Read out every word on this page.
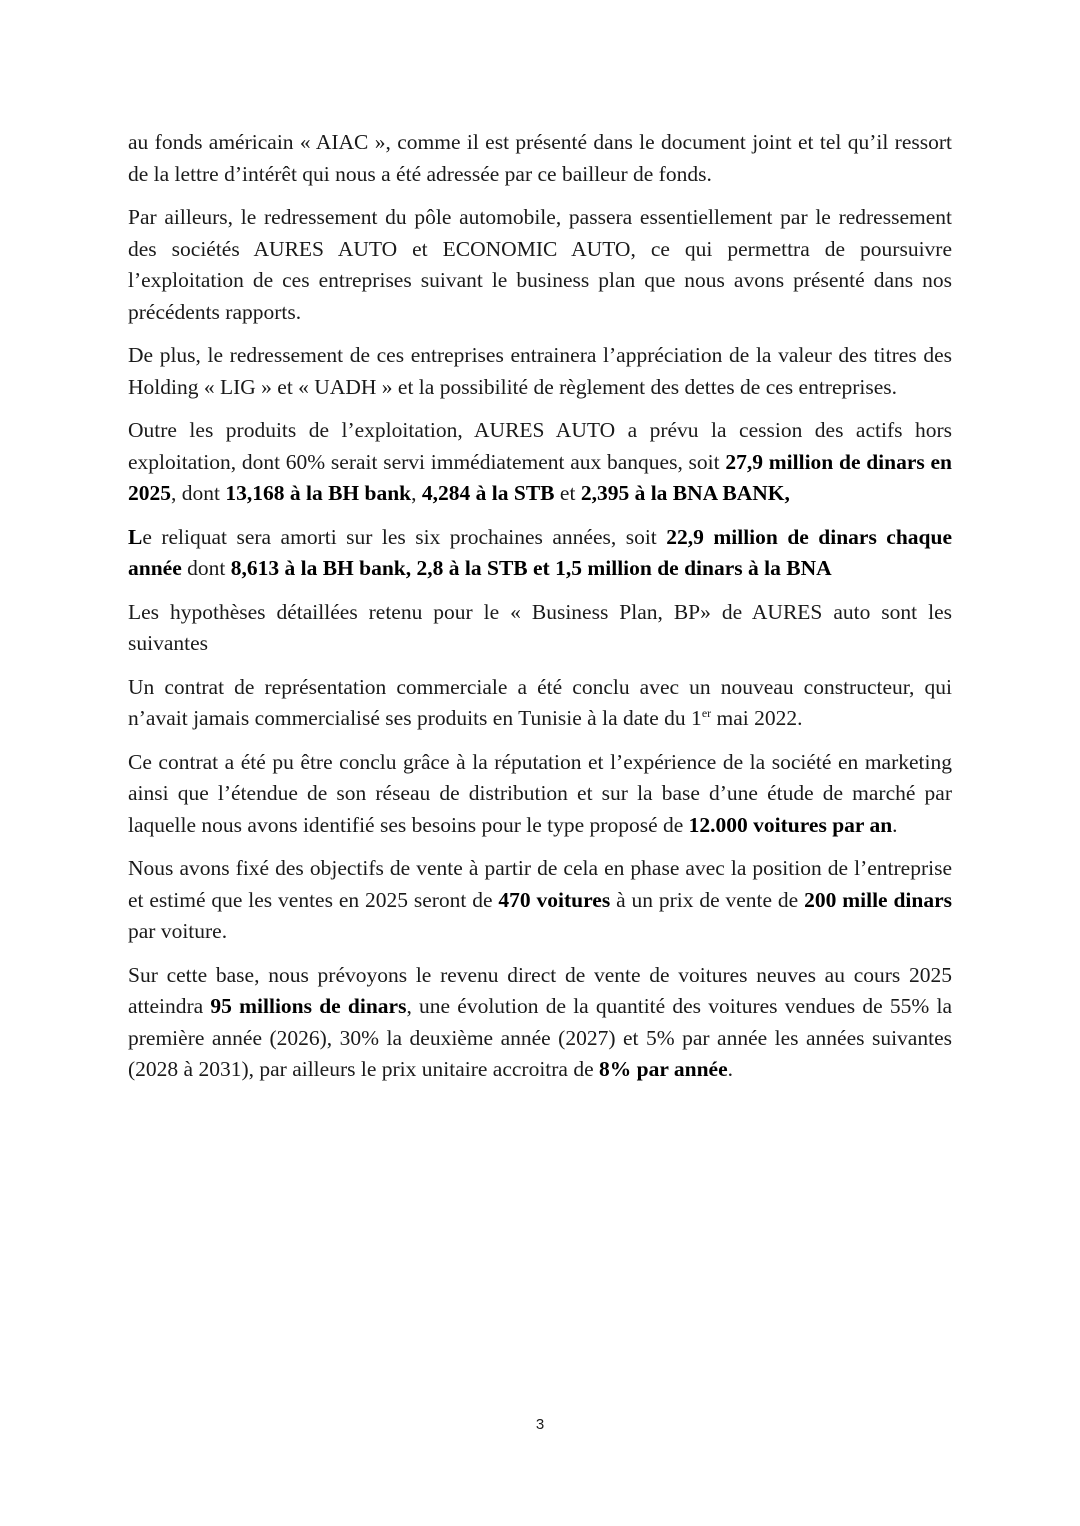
au fonds américain « AIAC », comme il est présenté dans le document joint et tel qu’il ressort de la lettre d’intérêt qui nous a été adressée par ce bailleur de fonds.

Par ailleurs, le redressement du pôle automobile, passera essentiellement par le redressement des sociétés AURES AUTO et ECONOMIC AUTO, ce qui permettra de poursuivre l’exploitation de ces entreprises suivant le business plan que nous avons présenté dans nos précédents rapports.

De plus, le redressement de ces entreprises entrainera l’appréciation de la valeur des titres des Holding « LIG » et « UADH » et la possibilité de règlement des dettes de ces entreprises.

Outre les produits de l’exploitation, AURES AUTO a prévu la cession des actifs hors exploitation, dont 60% serait servi immédiatement aux banques, soit 27,9 million de dinars en 2025, dont 13,168 à la BH bank, 4,284 à la STB et 2,395 à la BNA BANK,

Le reliquat sera amorti sur les six prochaines années, soit 22,9 million de dinars chaque année dont 8,613 à la BH bank, 2,8 à la STB et 1,5 million de dinars à la BNA

Les hypothèses détaillées retenu pour le « Business Plan, BP» de AURES auto sont les suivantes

Un contrat de représentation commerciale a été conclu avec un nouveau constructeur, qui n’avait jamais commercialisé ses produits en Tunisie à la date du 1er mai 2022.

Ce contrat a été pu être conclu grâce à la réputation et l’expérience de la société en marketing ainsi que l’étendue de son réseau de distribution et sur la base d’une étude de marché par laquelle nous avons identifié ses besoins pour le type proposé de 12.000 voitures par an.

Nous avons fixé des objectifs de vente à partir de cela en phase avec la position de l’entreprise et estimé que les ventes en 2025 seront de 470 voitures à un prix de vente de 200 mille dinars par voiture.

Sur cette base, nous prévoyons le revenu direct de vente de voitures neuves au cours 2025 atteindra 95 millions de dinars, une évolution de la quantité des voitures vendues de 55% la première année (2026), 30% la deuxième année (2027) et 5% par année les années suivantes (2028 à 2031), par ailleurs le prix unitaire accroitra de 8% par année.

3
